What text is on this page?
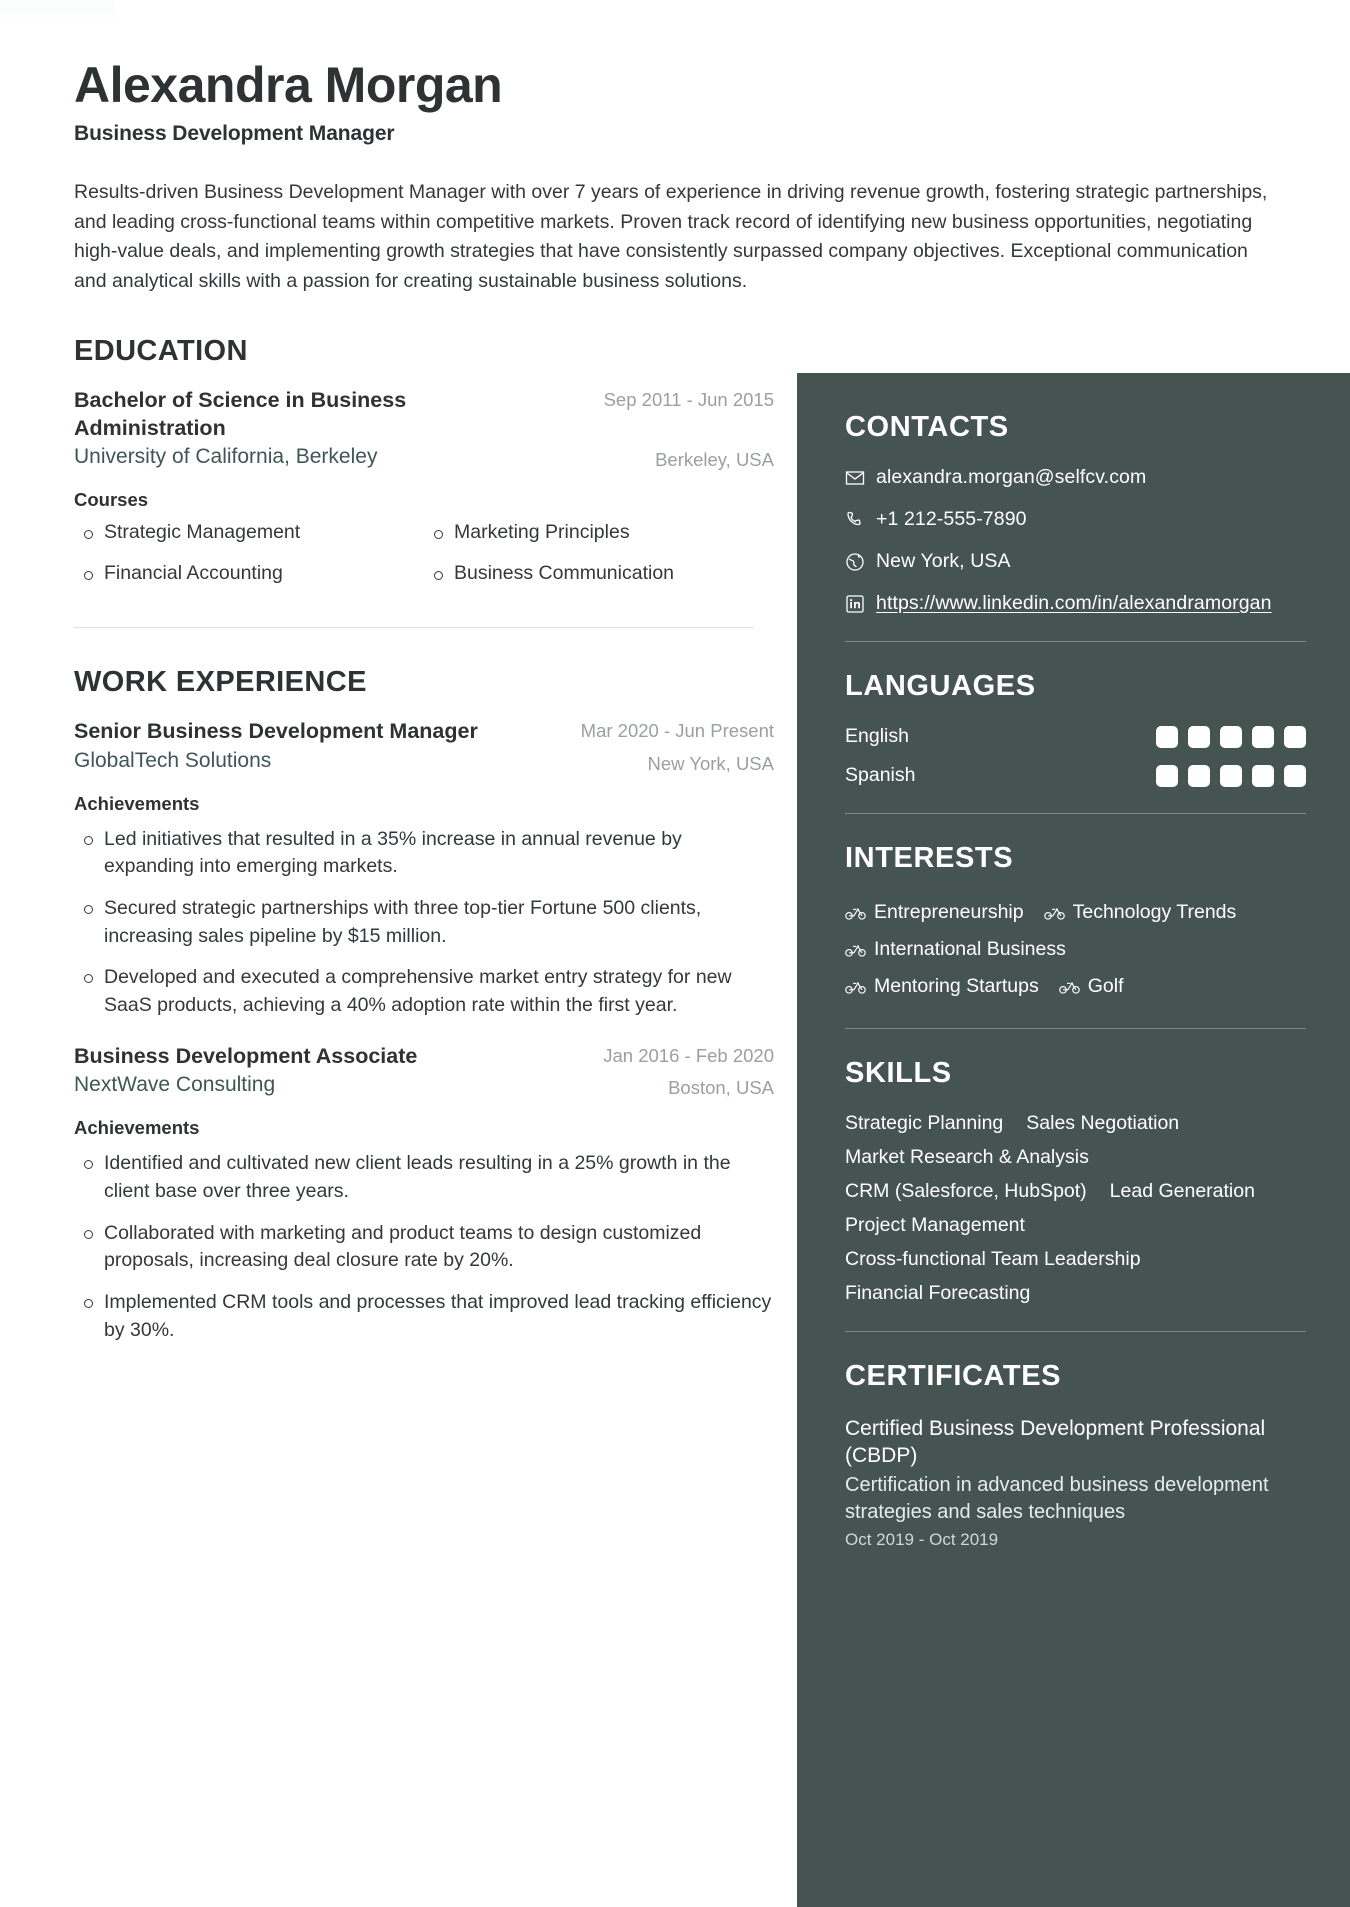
Alexandra Morgan
Business Development Manager
Results-driven Business Development Manager with over 7 years of experience in driving revenue growth, fostering strategic partnerships, and leading cross-functional teams within competitive markets. Proven track record of identifying new business opportunities, negotiating high-value deals, and implementing growth strategies that have consistently surpassed company objectives. Exceptional communication and analytical skills with a passion for creating sustainable business solutions.
EDUCATION
Bachelor of Science in Business Administration
Sep 2011 - Jun 2015
University of California, Berkeley	Berkeley, USA
Courses
Strategic Management	Marketing Principles
Financial Accounting	Business Communication
WORK EXPERIENCE
Senior Business Development Manager	Mar 2020 - Jun Present
GlobalTech Solutions	New York, USA
Achievements
Led initiatives that resulted in a 35% increase in annual revenue by expanding into emerging markets.
Secured strategic partnerships with three top-tier Fortune 500 clients, increasing sales pipeline by $15 million.
Developed and executed a comprehensive market entry strategy for new SaaS products, achieving a 40% adoption rate within the first year.
Business Development Associate	Jan 2016 - Feb 2020
NextWave Consulting	Boston, USA
Achievements
Identified and cultivated new client leads resulting in a 25% growth in the client base over three years.
Collaborated with marketing and product teams to design customized proposals, increasing deal closure rate by 20%.
Implemented CRM tools and processes that improved lead tracking efficiency by 30%.
CONTACTS
alexandra.morgan@selfcv.com
+1 212-555-7890
New York, USA
https://www.linkedin.com/in/alexandramorgan
LANGUAGES
English
Spanish
INTERESTS
Entrepreneurship	Technology Trends
International Business
Mentoring Startups	Golf
SKILLS
Strategic Planning Sales Negotiation
Market Research & Analysis
CRM (Salesforce, HubSpot) Lead Generation
Project Management
Cross-functional Team Leadership
Financial Forecasting
CERTIFICATES
Certified Business Development Professional (CBDP)
Certification in advanced business development strategies and sales techniques
Oct 2019 - Oct 2019
